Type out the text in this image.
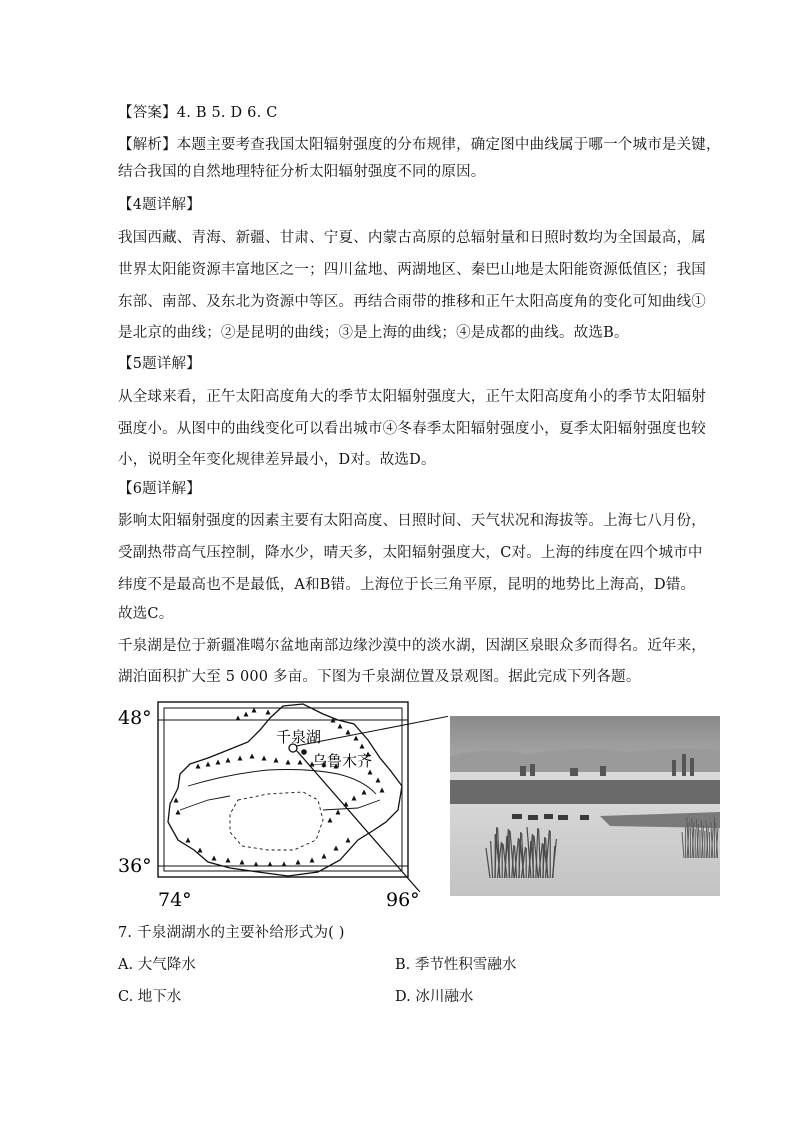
【答案】4. B 5. D 6. C
【解析】本题主要考查我国太阳辐射强度的分布规律，确定图中曲线属于哪一个城市是关键，
结合我国的自然地理特征分析太阳辐射强度不同的原因。
【4题详解】
我国西藏、青海、新疆、甘肃、宁夏、内蒙古高原的总辐射量和日照时数均为全国最高，属
世界太阳能资源丰富地区之一；四川盆地、两湖地区、秦巴山地是太阳能资源低值区；我国
东部、南部、及东北为资源中等区。再结合雨带的推移和正午太阳高度角的变化可知曲线①
是北京的曲线；②是昆明的曲线；③是上海的曲线；④是成都的曲线。故选B。
【5题详解】
从全球来看，正午太阳高度角大的季节太阳辐射强度大，正午太阳高度角小的季节太阳辐射
强度小。从图中的曲线变化可以看出城市④冬春季太阳辐射强度小，夏季太阳辐射强度也较
小，说明全年变化规律差异最小，D对。故选D。
【6题详解】
影响太阳辐射强度的因素主要有太阳高度、日照时间、天气状况和海拔等。上海七八月份，
受副热带高气压控制，降水少，晴天多，太阳辐射强度大，C对。上海的纬度在四个城市中
纬度不是最高也不是最低，A和B错。上海位于长三角平原，昆明的地势比上海高，D错。
故选C。
千泉湖是位于新疆准噶尔盆地南部边缘沙漠中的淡水湖，因湖区泉眼众多而得名。近年来，
湖泊面积扩大至 5 000 多亩。下图为千泉湖位置及景观图。据此完成下列各题。
48°
36°
74°	96°
千泉湖
乌鲁木齐
7. 千泉湖湖水的主要补给形式为( )
A. 大气降水	B. 季节性积雪融水
C. 地下水	D. 冰川融水
